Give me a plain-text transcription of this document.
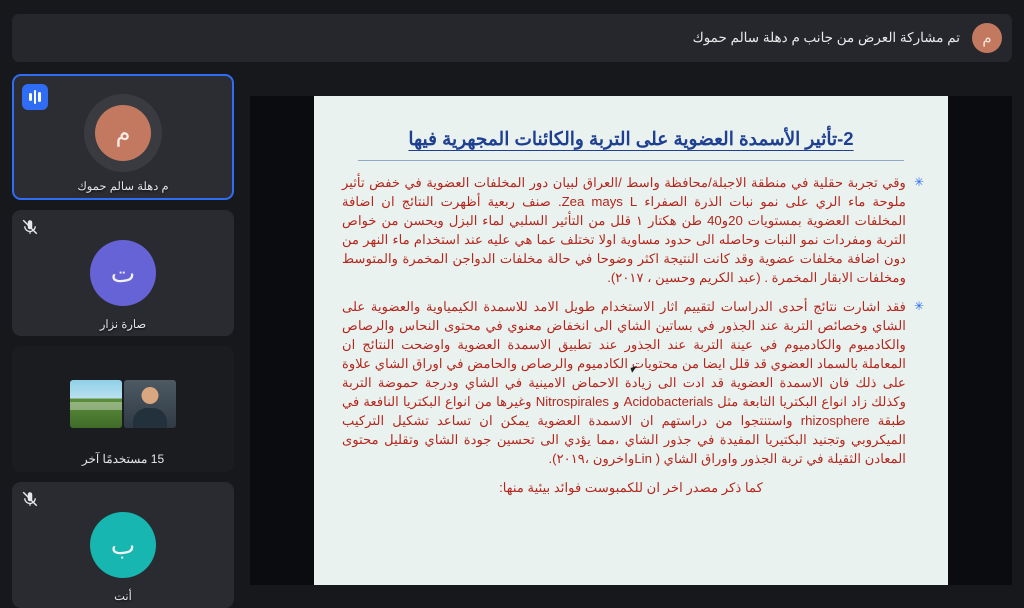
تم مشاركة العرض من جانب م دهلة سالم حموك	م
م
م دهلة سالم حموك
ت
صارة نزار
15 مستخدمًا آخر
ب
أنت
2-تأثير الأسمدة العضوية على التربة والكائنات المجهرية فيها
✳

وقي تجربة حقلية في منطقة الاجبلة/محافظة واسط /العراق لبيان دور المخلفات العضوية في خفض تأثير ملوحة ماء الري على نمو نبات الذرة الصفراء Zea mays L. صنف ربعية أظهرت النتائج ان اضافة المخلفات العضوية بمستويات 20و40 طن هكتار ١ قلل من التأثير السلبي لماء البزل ويحسن من خواص التربة ومفردات نمو النبات وحاصله الى حدود مساوية اولا تختلف عما هي عليه عند استخدام ماء النهر من دون اضافة مخلفات عضوية وقد كانت النتيجة اكثر وضوحا في حالة مخلفات الدواجن المخمرة والمتوسط ومخلفات الابقار المخمرة . (عبد الكريم وحسين ، ٢٠١٧).

✳

فقد اشارت نتائج أحدى الدراسات لتقييم اثار الاستخدام طويل الامد للاسمدة الكيمياوية والعضوية على الشاي وخصائص التربة عند الجذور في بساتين الشاي الى انخفاض معنوي في محتوى النحاس والرصاص والكادميوم والكادميوم في عينة التربة عند الجذور عند تطبيق الاسمدة العضوية واوضحت النتائج ان المعاملة بالسماد العضوي قد قلل ايضا من محتويات الكادميوم والرصاص والحامض في اوراق الشاي علاوة على ذلك فان الاسمدة العضوية قد ادت الى زيادة الاحماض الامينية في الشاي ودرجة حموضة التربة وكذلك زاد انواع البكتريا التابعة مثل Acidobacterials و Nitrospirales وغيرها من انواع البكتريا النافعة في طبقة rhizosphere واستنتجوا من دراستهم ان الاسمدة العضوية يمكن ان تساعد تشكيل التركيب الميكروبي وتجنيد البكتيريا المفيدة في جذور الشاي ،مما يؤدي الى تحسين جودة الشاي وتقليل محتوى المعادن الثقيلة في تربة الجذور واوراق الشاي ( Linواخرون ،٢٠١٩).

كما ذكر مصدر اخر ان للكمبوست فوائد بيئية منها:
